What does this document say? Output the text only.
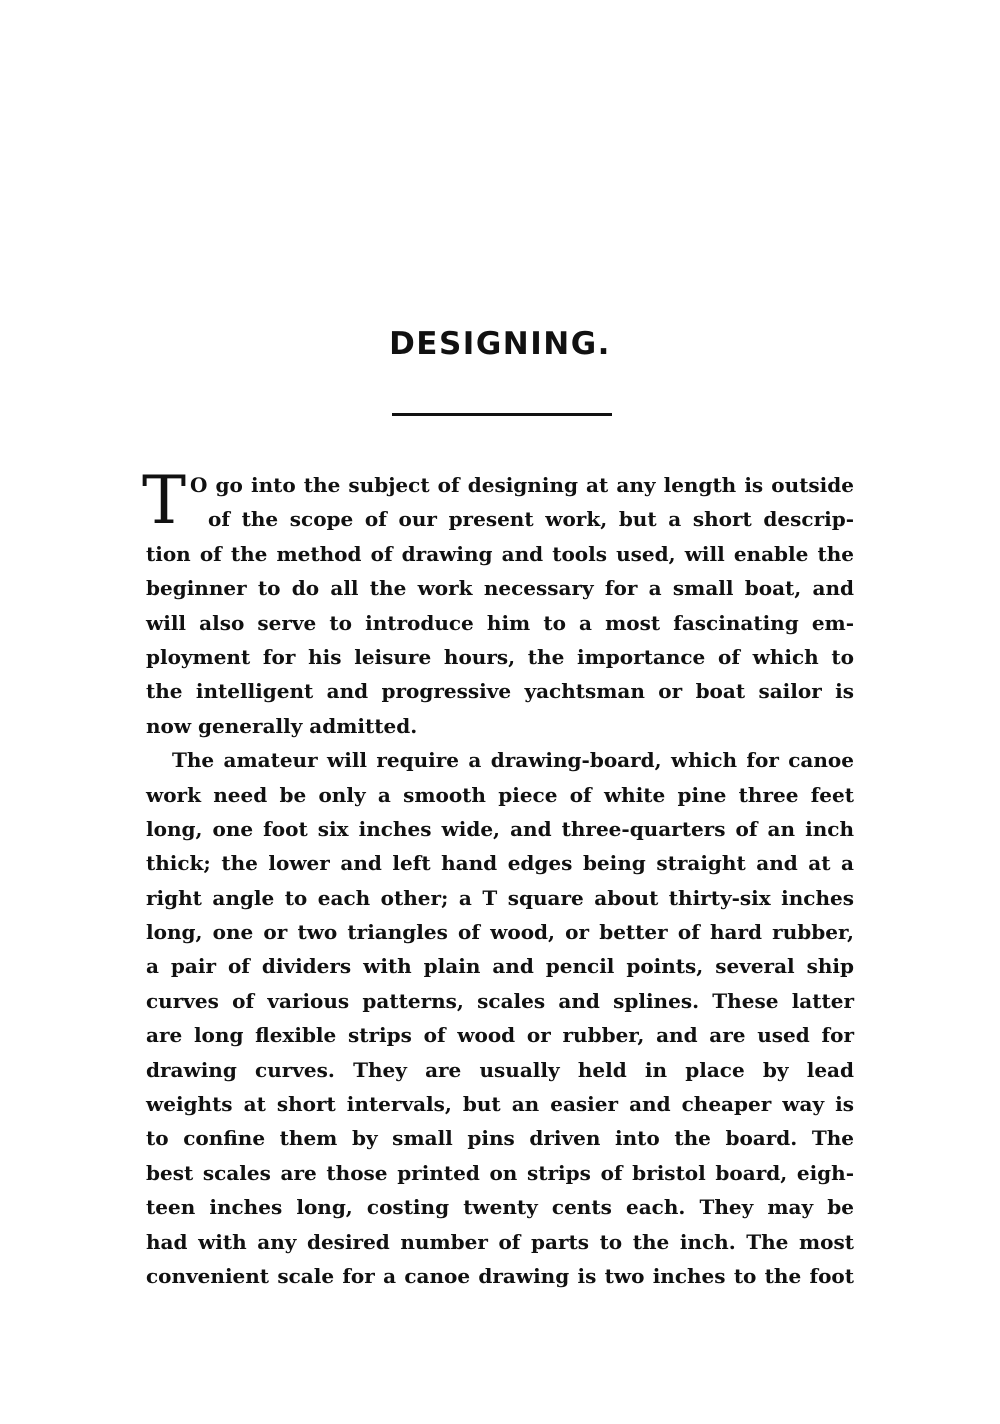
DESIGNING.
T O go into the subject of designing at any length is outside
of the scope of our present work, but a short descrip-
tion of the method of drawing and tools used, will enable the
beginner to do all the work necessary for a small boat, and
will also serve to introduce him to a most fascinating em-
ployment for his leisure hours, the importance of which to
the intelligent and progressive yachtsman or boat sailor is
now generally admitted.
The amateur will require a drawing-board, which for canoe
work need be only a smooth piece of white pine three feet
long, one foot six inches wide, and three-quarters of an inch
thick; the lower and left hand edges being straight and at a
right angle to each other; a T square about thirty-six inches
long, one or two triangles of wood, or better of hard rubber,
a pair of dividers with plain and pencil points, several ship
curves of various patterns, scales and splines. These latter
are long flexible strips of wood or rubber, and are used for
drawing curves. They are usually held in place by lead
weights at short intervals, but an easier and cheaper way is
to confine them by small pins driven into the board. The
best scales are those printed on strips of bristol board, eigh-
teen inches long, costing twenty cents each. They may be
had with any desired number of parts to the inch. The most
convenient scale for a canoe drawing is two inches to the foot
